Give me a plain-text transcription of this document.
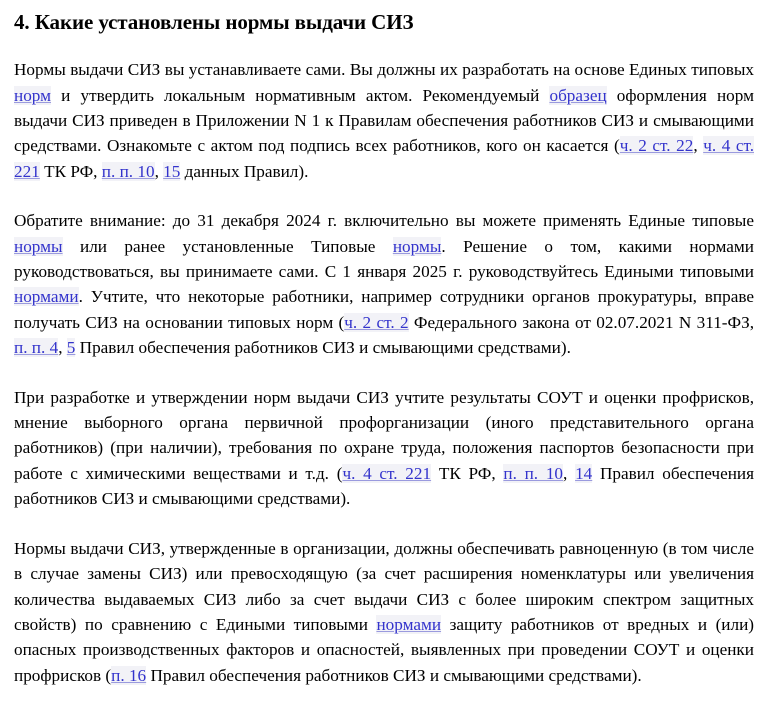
4. Какие установлены нормы выдачи СИЗ

Нормы выдачи СИЗ вы устанавливаете сами. Вы должны их разработать на основе Единых типовых норм и утвердить локальным нормативным актом. Рекомендуемый образец оформления норм выдачи СИЗ приведен в Приложении N 1 к Правилам обеспечения работников СИЗ и смывающими средствами. Ознакомьте с актом под подпись всех работников, кого он касается (ч. 2 ст. 22, ч. 4 ст. 221 ТК РФ, п. п. 10, 15 данных Правил).

Обратите внимание: до 31 декабря 2024 г. включительно вы можете применять Единые типовые нормы или ранее установленные Типовые нормы. Решение о том, какими нормами руководствоваться, вы принимаете сами. С 1 января 2025 г. руководствуйтесь Едиными типовыми нормами. Учтите, что некоторые работники, например сотрудники органов прокуратуры, вправе получать СИЗ на основании типовых норм (ч. 2 ст. 2 Федерального закона от 02.07.2021 N 311-ФЗ, п. п. 4, 5 Правил обеспечения работников СИЗ и смывающими средствами).

При разработке и утверждении норм выдачи СИЗ учтите результаты СОУТ и оценки профрисков, мнение выборного органа первичной профорганизации (иного представительного органа работников) (при наличии), требования по охране труда, положения паспортов безопасности при работе с химическими веществами и т.д. (ч. 4 ст. 221 ТК РФ, п. п. 10, 14 Правил обеспечения работников СИЗ и смывающими средствами).

Нормы выдачи СИЗ, утвержденные в организации, должны обеспечивать равноценную (в том числе в случае замены СИЗ) или превосходящую (за счет расширения номенклатуры или увеличения количества выдаваемых СИЗ либо за счет выдачи СИЗ с более широким спектром защитных свойств) по сравнению с Едиными типовыми нормами защиту работников от вредных и (или) опасных производственных факторов и опасностей, выявленных при проведении СОУТ и оценки профрисков (п. 16 Правил обеспечения работников СИЗ и смывающими средствами).
